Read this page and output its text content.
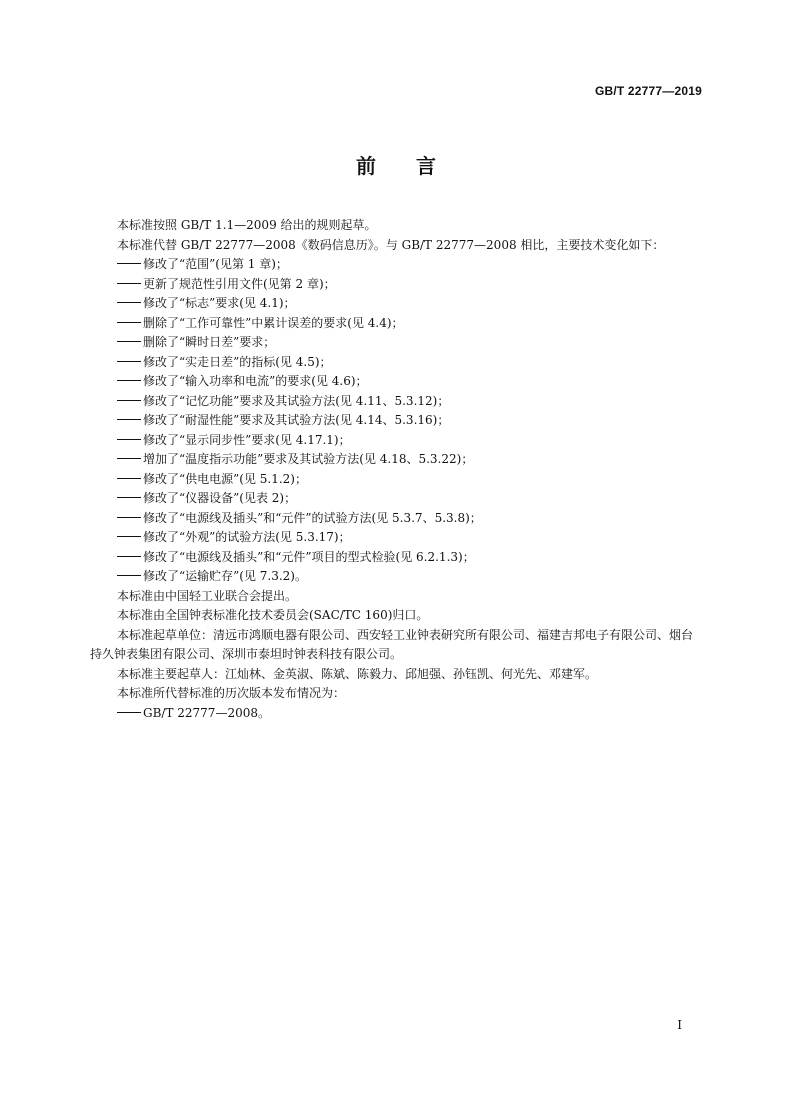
GB/T 22777—2019
前言

本标准按照 GB/T 1.1—2009 给出的规则起草。

本标准代替 GB/T 22777—2008《数码信息历》。与 GB/T 22777—2008 相比，主要技术变化如下：

修改了“范围”(见第 1 章)；

更新了规范性引用文件(见第 2 章)；

修改了“标志”要求(见 4.1)；

删除了“工作可靠性”中累计误差的要求(见 4.4)；

删除了“瞬时日差”要求；

修改了“实走日差”的指标(见 4.5)；

修改了“输入功率和电流”的要求(见 4.6)；

修改了“记忆功能”要求及其试验方法(见 4.11、5.3.12)；

修改了“耐湿性能”要求及其试验方法(见 4.14、5.3.16)；

修改了“显示同步性”要求(见 4.17.1)；

增加了“温度指示功能”要求及其试验方法(见 4.18、5.3.22)；

修改了“供电电源”(见 5.1.2)；

修改了“仪器设备”(见表 2)；

修改了“电源线及插头”和“元件”的试验方法(见 5.3.7、5.3.8)；

修改了“外观”的试验方法(见 5.3.17)；

修改了“电源线及插头”和“元件”项目的型式检验(见 6.2.1.3)；

修改了“运输贮存”(见 7.3.2)。

本标准由中国轻工业联合会提出。

本标准由全国钟表标准化技术委员会(SAC/TC 160)归口。

本标准起草单位：清远市鸿顺电器有限公司、西安轻工业钟表研究所有限公司、福建吉邦电子有限公司、烟台持久钟表集团有限公司、深圳市泰坦时钟表科技有限公司。

本标准主要起草人：江灿林、金英淑、陈斌、陈毅力、邱旭强、孙钰凯、何光先、邓建军。

本标准所代替标准的历次版本发布情况为：

GB/T 22777—2008。

I
